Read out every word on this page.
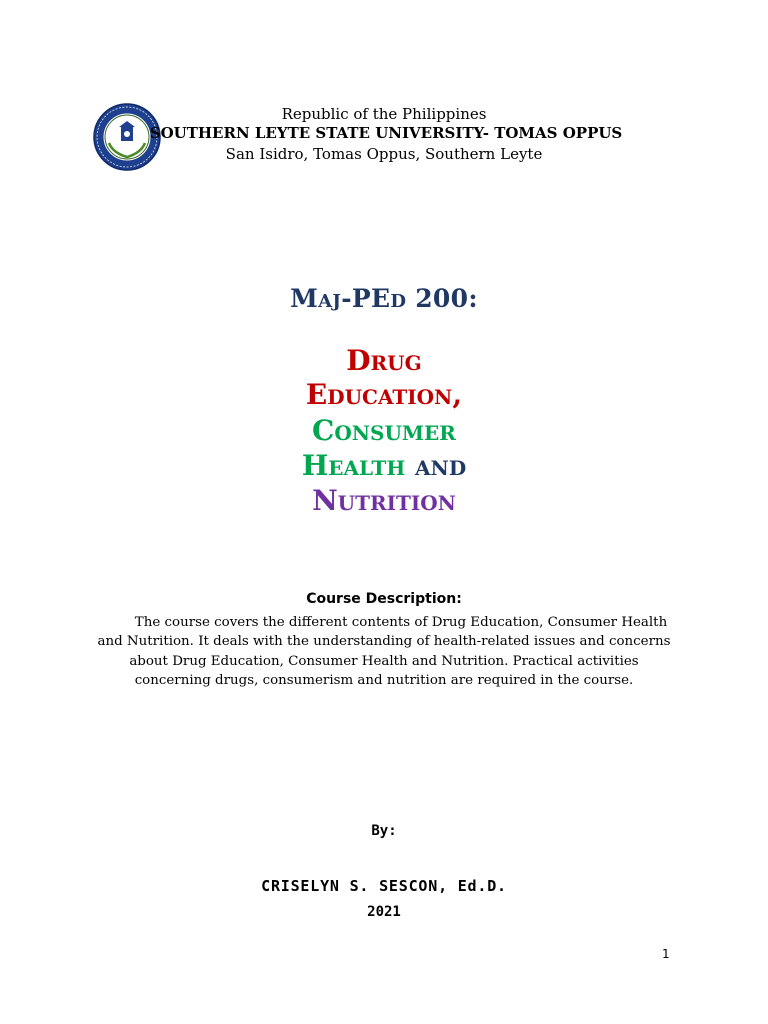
Republic of the Philippines
SOUTHERN LEYTE STATE UNIVERSITY- TOMAS OPPUS
San Isidro, Tomas Oppus, Southern Leyte
Maj-PEd 200:
Drug
Education,
Consumer
Health and
Nutrition
Course Description:
The course covers the different contents of Drug Education, Consumer Health and Nutrition. It deals with the understanding of health-related issues and concerns about Drug Education, Consumer Health and Nutrition. Practical activities concerning drugs, consumerism and nutrition are required in the course.
By:
CRISELYN S. SESCON, Ed.D.
2021
1
